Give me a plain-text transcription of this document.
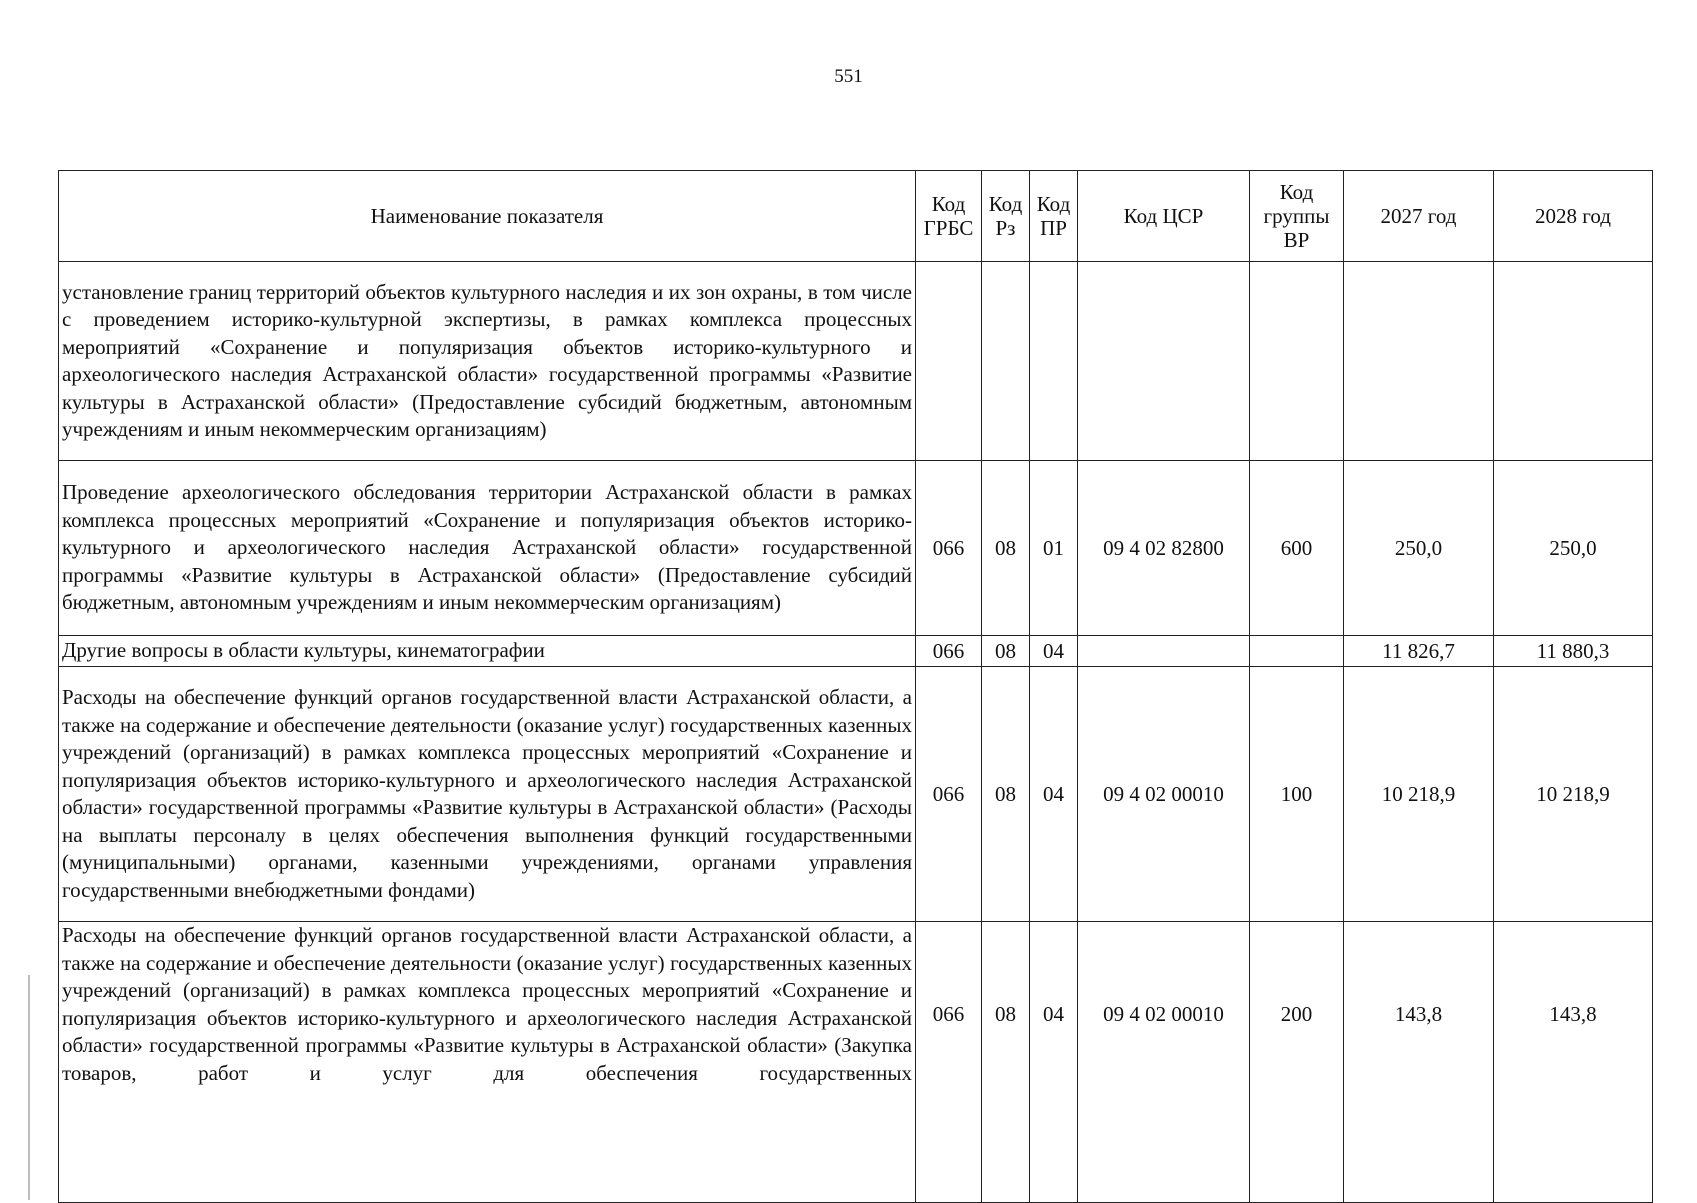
551
Наименование показателя	Код ГРБС	Код Рз	Код ПР	Код ЦСР	Код группы ВР	2027 год	2028 год
установление границ территорий объектов культурного наследия и их зон охраны, в том числе с проведением историко-культурной экспертизы, в рамках комплекса процессных мероприятий «Сохранение и популяризация объектов историко-культурного и археологического наследия Астраханской области» государственной программы «Развитие культуры в Астраханской области» (Предоставление субсидий бюджетным, автономным учреждениям и иным некоммерческим организациям)							
Проведение археологического обследования территории Астраханской области в рамках комплекса процессных мероприятий «Сохранение и популяризация объектов историко-культурного и археологического наследия Астраханской области» государственной программы «Развитие культуры в Астраханской области» (Предоставление субсидий бюджетным, автономным учреждениям и иным некоммерческим организациям)	066	08	01	09 4 02 82800	600	250,0	250,0
Другие вопросы в области культуры, кинематографии	066	08	04			11 826,7	11 880,3
Расходы на обеспечение функций органов государственной власти Астраханской области, а также на содержание и обеспечение деятельности (оказание услуг) государственных казенных учреждений (организаций) в рамках комплекса процессных мероприятий «Сохранение и популяризация объектов историко-культурного и археологического наследия Астраханской области» государственной программы «Развитие культуры в Астраханской области» (Расходы на выплаты персоналу в целях обеспечения выполнения функций государственными (муниципальными) органами, казенными учреждениями, органами управления государственными внебюджетными фондами)	066	08	04	09 4 02 00010	100	10 218,9	10 218,9
Расходы на обеспечение функций органов государственной власти Астраханской области, а также на содержание и обеспечение деятельности (оказание услуг) государственных казенных учреждений (организаций) в рамках комплекса процессных мероприятий «Сохранение и популяризация объектов историко-культурного и археологического наследия Астраханской области» государственной программы «Развитие культуры в Астраханской области» (Закупка товаров, работ и услуг для обеспечения государственных	066	08	04	09 4 02 00010	200	143,8	143,8
